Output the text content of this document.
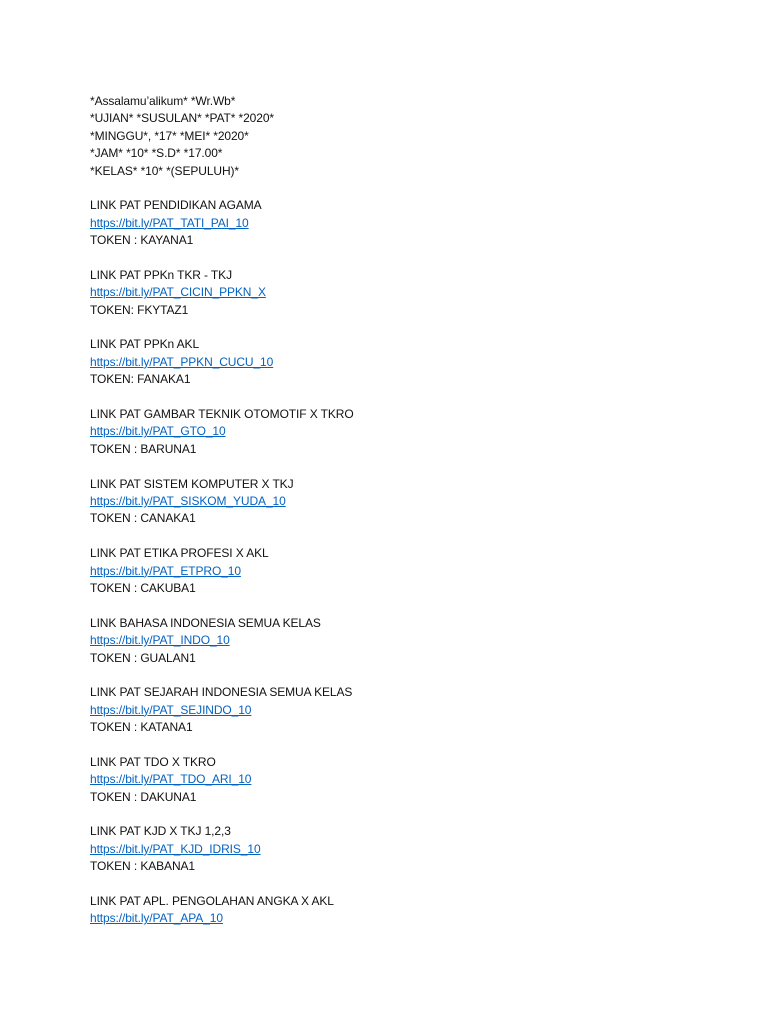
*Assalamu’alikum* *Wr.Wb*
*UJIAN* *SUSULAN* *PAT* *2020*
*MINGGU*, *17* *MEI* *2020*
*JAM* *10* *S.D* *17.00*
*KELAS* *10* *(SEPULUH)*
LINK PAT PENDIDIKAN AGAMA
https://bit.ly/PAT_TATI_PAI_10
TOKEN : KAYANA1
LINK PAT PPKn TKR - TKJ
https://bit.ly/PAT_CICIN_PPKN_X
TOKEN: FKYTAZ1
LINK PAT PPKn AKL
https://bit.ly/PAT_PPKN_CUCU_10
TOKEN: FANAKA1
LINK PAT GAMBAR TEKNIK OTOMOTIF X TKRO
https://bit.ly/PAT_GTO_10
TOKEN : BARUNA1
LINK PAT SISTEM KOMPUTER X TKJ
https://bit.ly/PAT_SISKOM_YUDA_10
TOKEN : CANAKA1
LINK PAT ETIKA PROFESI X AKL
https://bit.ly/PAT_ETPRO_10
TOKEN : CAKUBA1
LINK BAHASA INDONESIA SEMUA KELAS
https://bit.ly/PAT_INDO_10
TOKEN : GUALAN1
LINK PAT SEJARAH INDONESIA SEMUA KELAS
https://bit.ly/PAT_SEJINDO_10
TOKEN : KATANA1
LINK PAT TDO X TKRO
https://bit.ly/PAT_TDO_ARI_10
TOKEN : DAKUNA1
LINK PAT KJD X TKJ 1,2,3
https://bit.ly/PAT_KJD_IDRIS_10
TOKEN : KABANA1
LINK PAT APL. PENGOLAHAN ANGKA X AKL
https://bit.ly/PAT_APA_10
